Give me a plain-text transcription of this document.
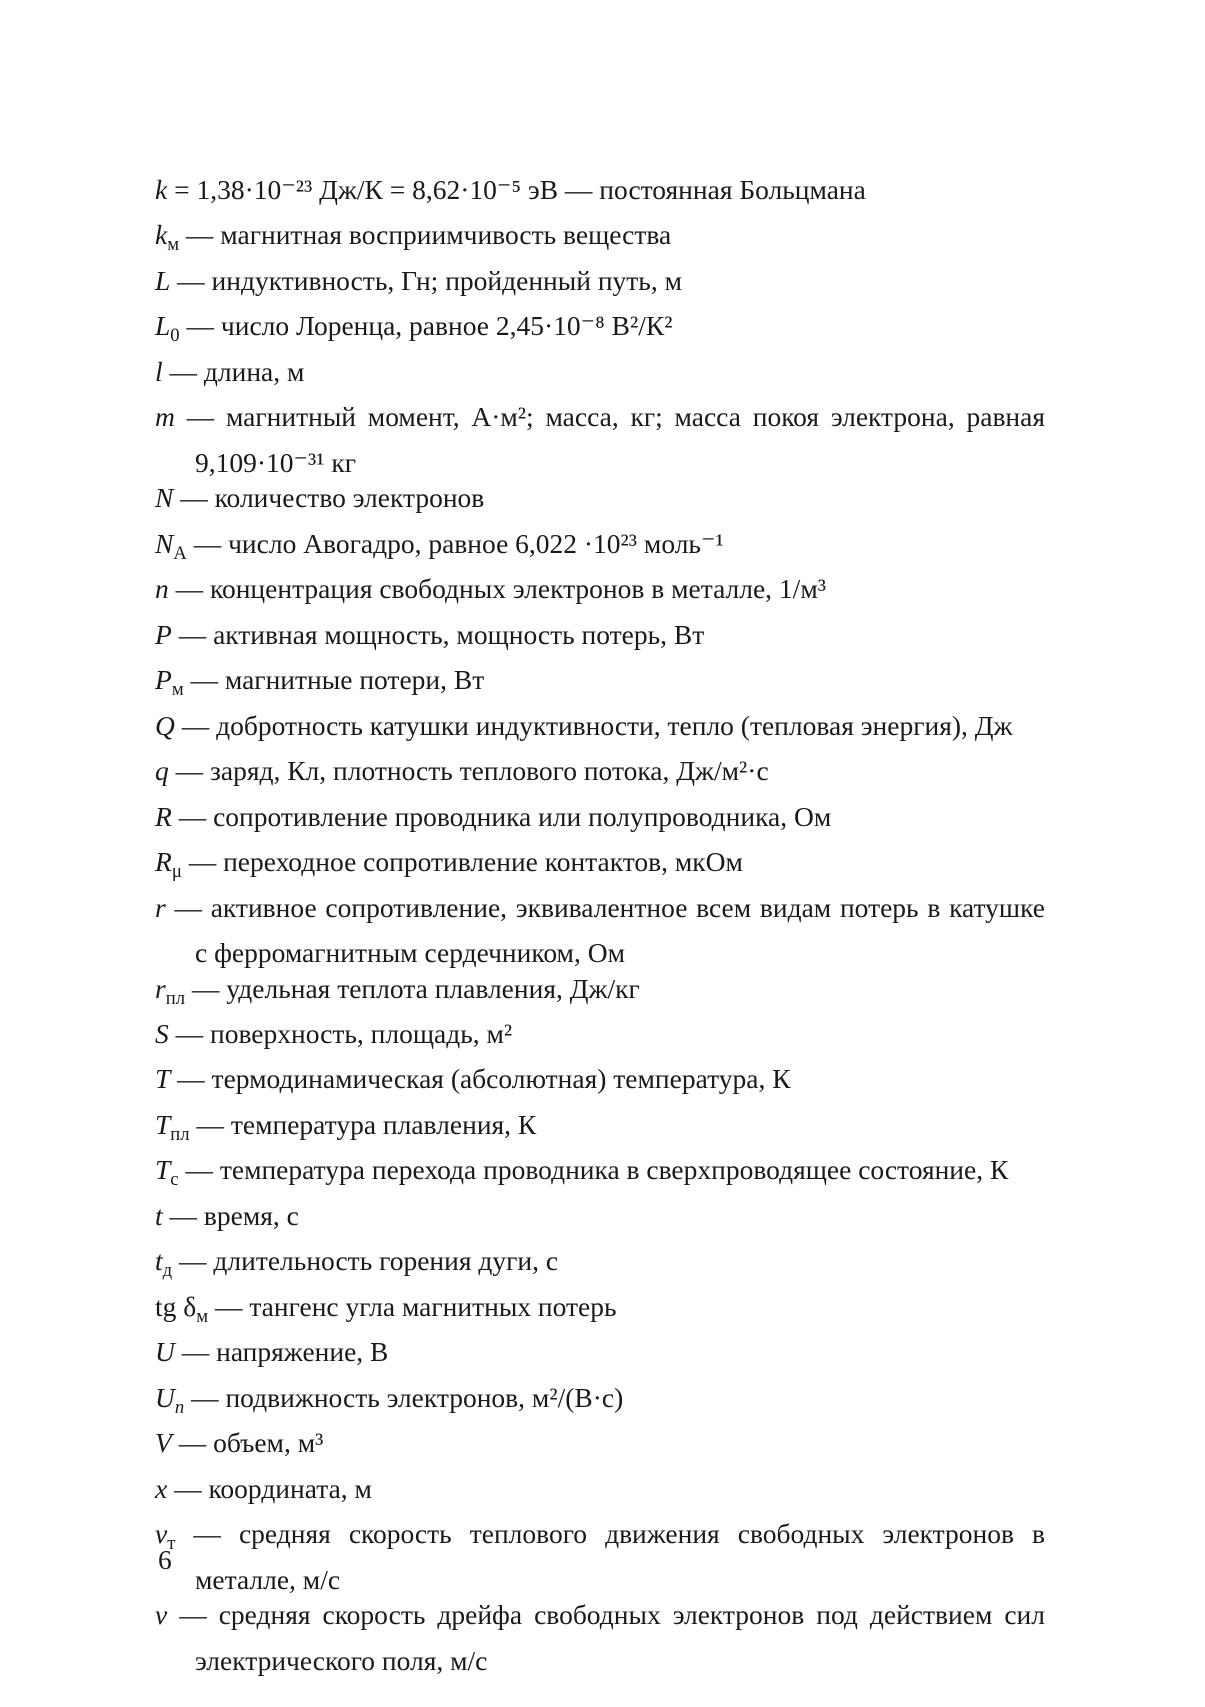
k = 1,38·10⁻²³ Дж/К = 8,62·10⁻⁵ эВ — постоянная Больцмана
$k_м$ — магнитная восприимчивость вещества
L — индуктивность, Гн; пройденный путь, м
$L_0$ — число Лоренца, равное 2,45·10⁻⁸ В²/К²
l — длина, м
m — магнитный момент, А·м²; масса, кг; масса покоя электрона, равная 9,109·10⁻³¹ кг
N — количество электронов
$N_А$ — число Авогадро, равное 6,022 ·10²³ моль⁻¹
n — концентрация свободных электронов в металле, 1/м³
P — активная мощность, мощность потерь, Вт
$P_м$ — магнитные потери, Вт
Q — добротность катушки индуктивности, тепло (тепловая энергия), Дж
q — заряд, Кл, плотность теплового потока, Дж/м²·с
R — сопротивление проводника или полупроводника, Ом
$R_\mu$ — переходное сопротивление контактов, мкОм
r — активное сопротивление, эквивалентное всем видам потерь в катушке с ферромагнитным сердечником, Ом
$r_{пл}$ — удельная теплота плавления, Дж/кг
S — поверхность, площадь, м²
T — термодинамическая (абсолютная) температура, К
$T_{пл}$ — температура плавления, К
$T_c$ — температура перехода проводника в сверхпроводящее состояние, К
t — время, с
$t_д$ — длительность горения дуги, с
tg $\delta_м$ — тангенс угла магнитных потерь
U — напряжение, В
$U_n$ — подвижность электронов, м²/(В·с)
V — объем, м³
x — координата, м
$v_т$ — средняя скорость теплового движения свободных электронов в металле, м/с
v — средняя скорость дрейфа свободных электронов под действием сил электрического поля, м/с
6
